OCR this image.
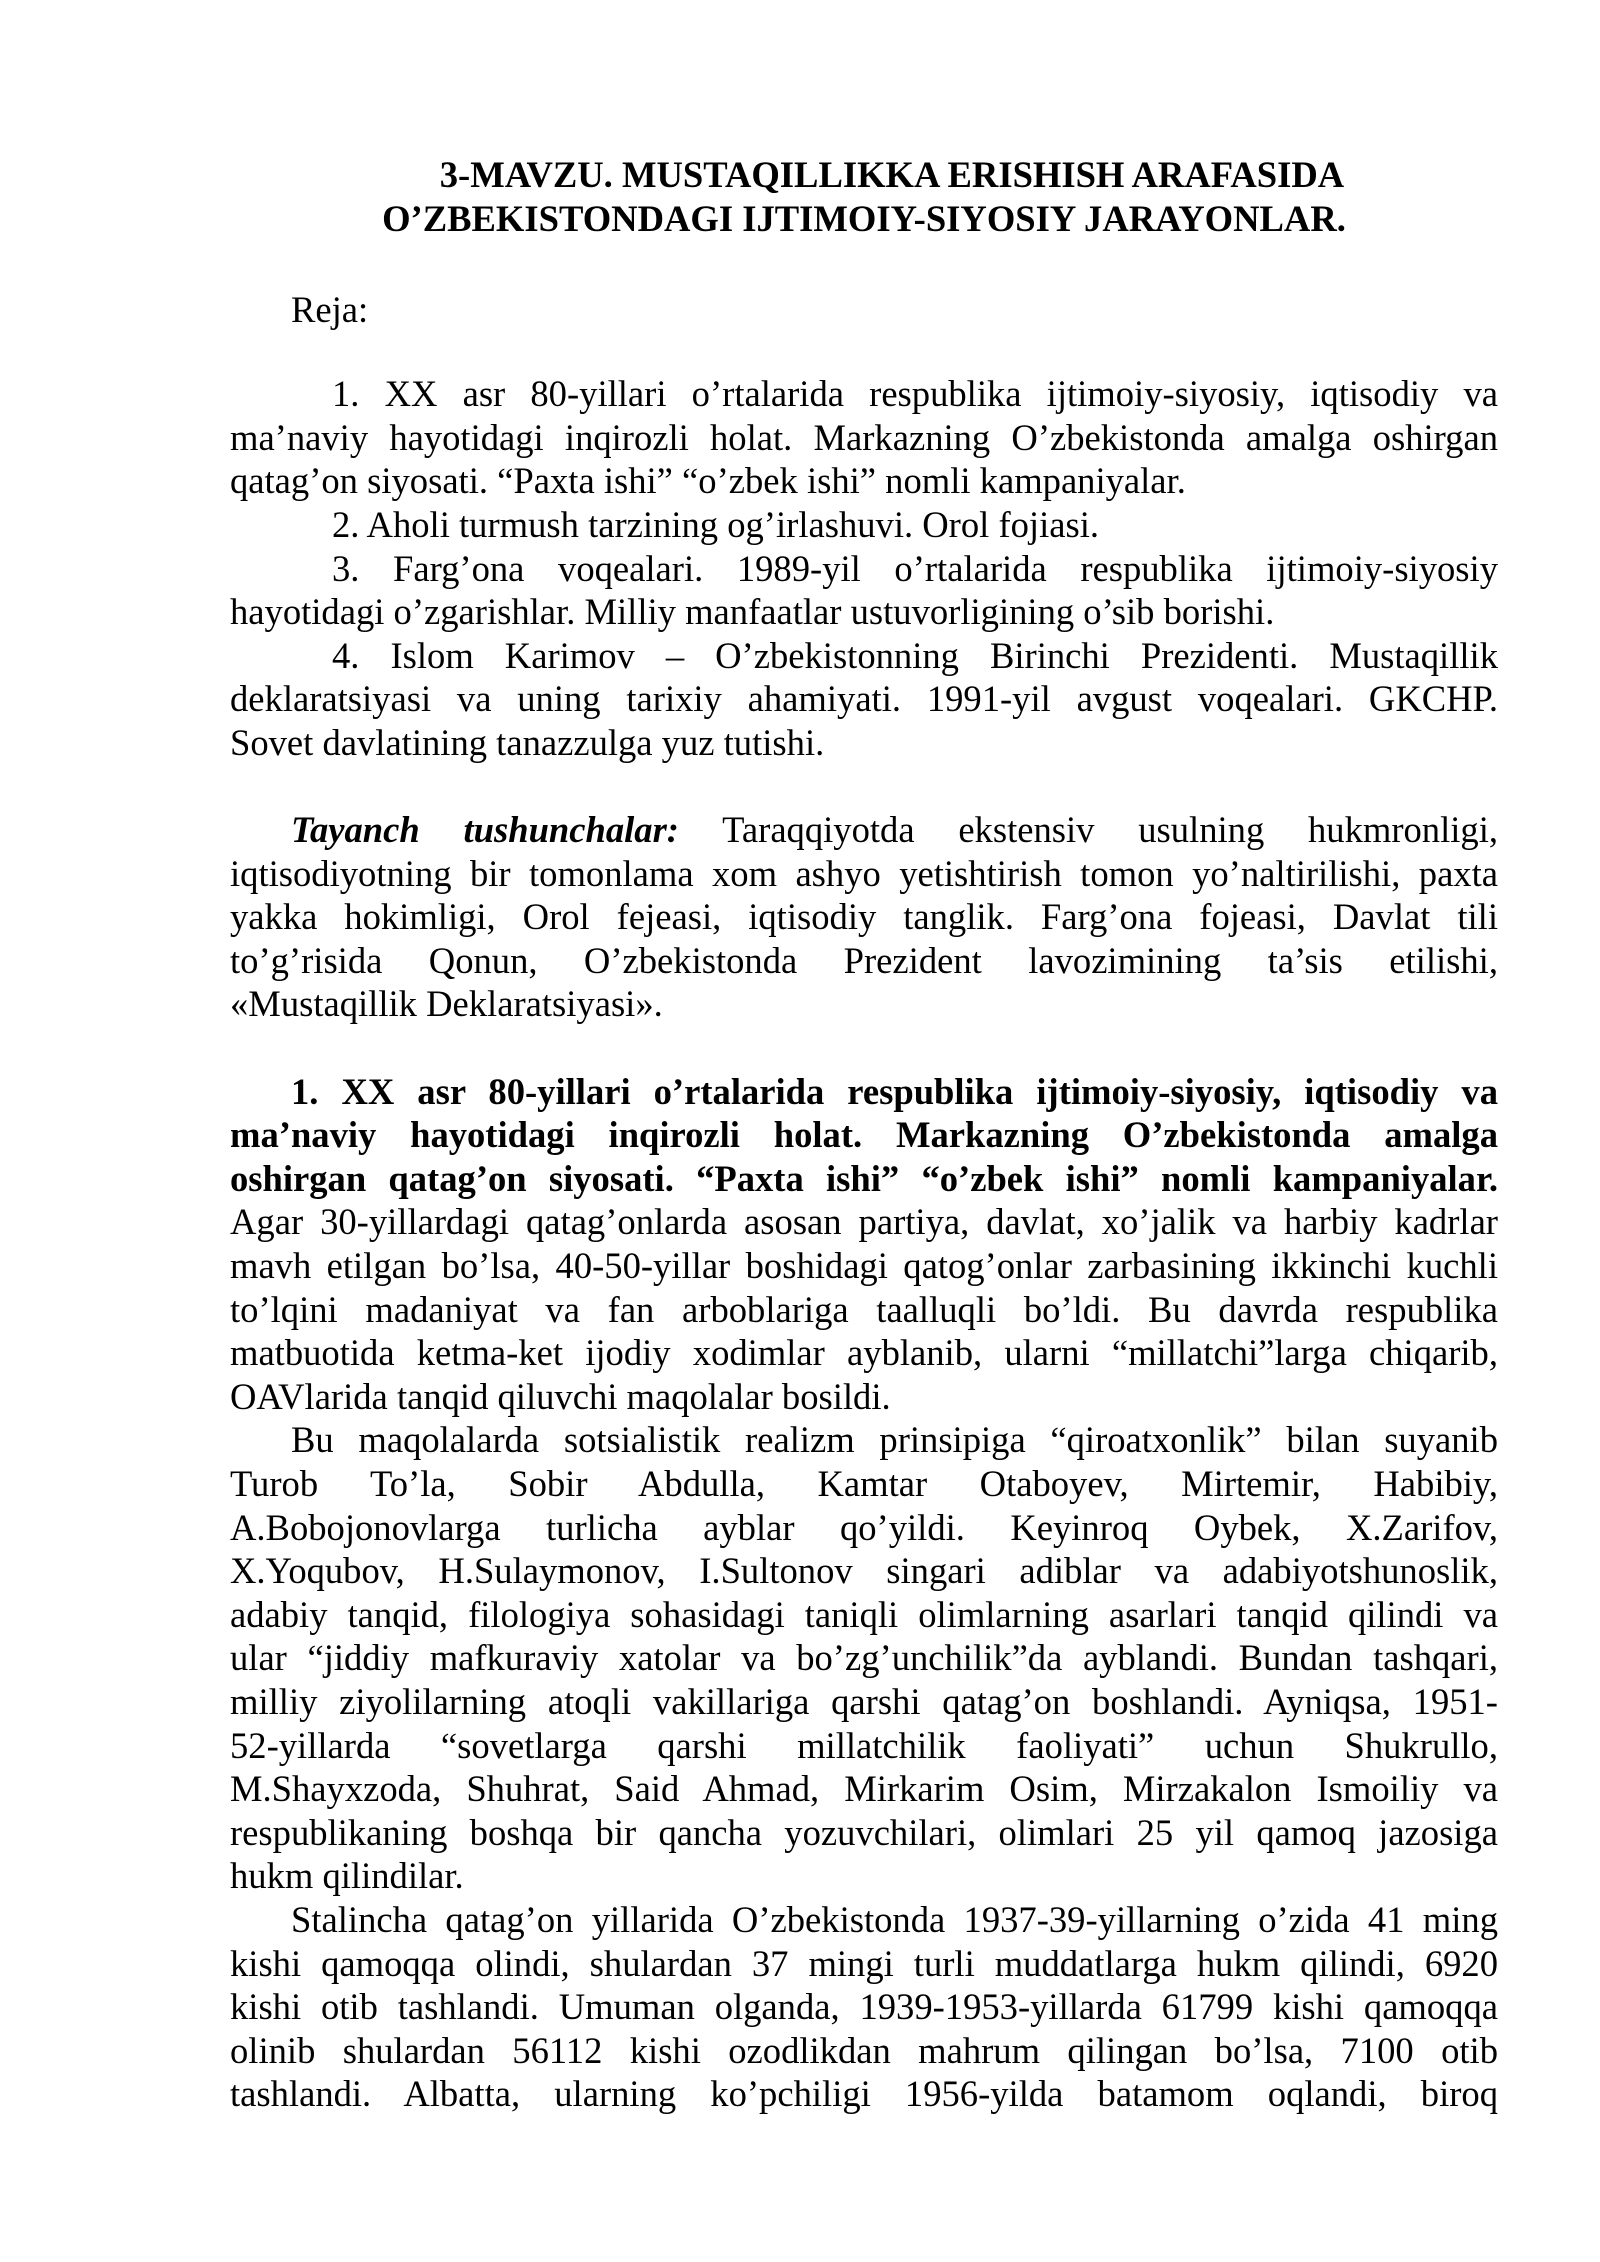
3-MAVZU. MUSTAQILLIKKA ERISHISH ARAFASIDA
O’ZBEKISTONDAGI IJTIMOIY-SIYOSIY JARAYONLAR.
Reja:
1. XX asr 80-yillari o’rtalarida respublika ijtimoiy-siyosiy, iqtisodiy va
ma’naviy hayotidagi inqirozli holat. Markazning O’zbekistonda amalga oshirgan
qatag’on siyosati. “Paxta ishi” “o’zbek ishi” nomli kampaniyalar.
2. Aholi turmush tarzining og’irlashuvi. Orol fojiasi.
3. Farg’ona voqealari. 1989-yil o’rtalarida respublika ijtimoiy-siyosiy
hayotidagi o’zgarishlar. Milliy manfaatlar ustuvorligining o’sib borishi.
4. Islom Karimov – O’zbekistonning Birinchi Prezidenti. Mustaqillik
deklaratsiyasi va uning tarixiy ahamiyati. 1991-yil avgust voqealari. GKCHP.
Sovet davlatining tanazzulga yuz tutishi.
Tayanch tushunchalar: Taraqqiyotda ekstensiv usulning hukmronligi,
iqtisodiyotning bir tomonlama xom ashyo yetishtirish tomon yo’naltirilishi, paxta
yakka hokimligi, Orol fejeasi, iqtisodiy tanglik. Farg’ona fojeasi, Davlat tili
to’g’risida Qonun, O’zbekistonda Prezident lavozimining ta’sis etilishi,
«Mustaqillik Deklaratsiyasi».
1. XX asr 80-yillari o’rtalarida respublika ijtimoiy-siyosiy, iqtisodiy va
ma’naviy hayotidagi inqirozli holat. Markazning O’zbekistonda amalga
oshirgan qatag’on siyosati. “Paxta ishi” “o’zbek ishi” nomli kampaniyalar.
Agar 30-yillardagi qatag’onlarda asosan partiya, davlat, xo’jalik va harbiy kadrlar
mavh etilgan bo’lsa, 40-50-yillar boshidagi qatog’onlar zarbasining ikkinchi kuchli
to’lqini madaniyat va fan arboblariga taalluqli bo’ldi. Bu davrda respublika
matbuotida ketma-ket ijodiy xodimlar ayblanib, ularni “millatchi”larga chiqarib,
OAVlarida tanqid qiluvchi maqolalar bosildi.
Bu maqolalarda sotsialistik realizm prinsipiga “qiroatxonlik” bilan suyanib
Turob To’la, Sobir Abdulla, Kamtar Otaboyev, Mirtemir, Habibiy,
A.Bobojonovlarga turlicha ayblar qo’yildi. Keyinroq Oybek, X.Zarifov,
X.Yoqubov, H.Sulaymonov, I.Sultonov singari adiblar va adabiyotshunoslik,
adabiy tanqid, filologiya sohasidagi taniqli olimlarning asarlari tanqid qilindi va
ular “jiddiy mafkuraviy xatolar va bo’zg’unchilik”da ayblandi. Bundan tashqari,
milliy ziyolilarning atoqli vakillariga qarshi qatag’on boshlandi. Ayniqsa, 1951-
52-yillarda “sovetlarga qarshi millatchilik faoliyati” uchun Shukrullo,
M.Shayxzoda, Shuhrat, Said Ahmad, Mirkarim Osim, Mirzakalon Ismoiliy va
respublikaning boshqa bir qancha yozuvchilari, olimlari 25 yil qamoq jazosiga
hukm qilindilar.
Stalincha qatag’on yillarida O’zbekistonda 1937-39-yillarning o’zida 41 ming
kishi qamoqqa olindi, shulardan 37 mingi turli muddatlarga hukm qilindi, 6920
kishi otib tashlandi. Umuman olganda, 1939-1953-yillarda 61799 kishi qamoqqa
olinib shulardan 56112 kishi ozodlikdan mahrum qilingan bo’lsa, 7100 otib
tashlandi. Albatta, ularning ko’pchiligi 1956-yilda batamom oqlandi, biroq
